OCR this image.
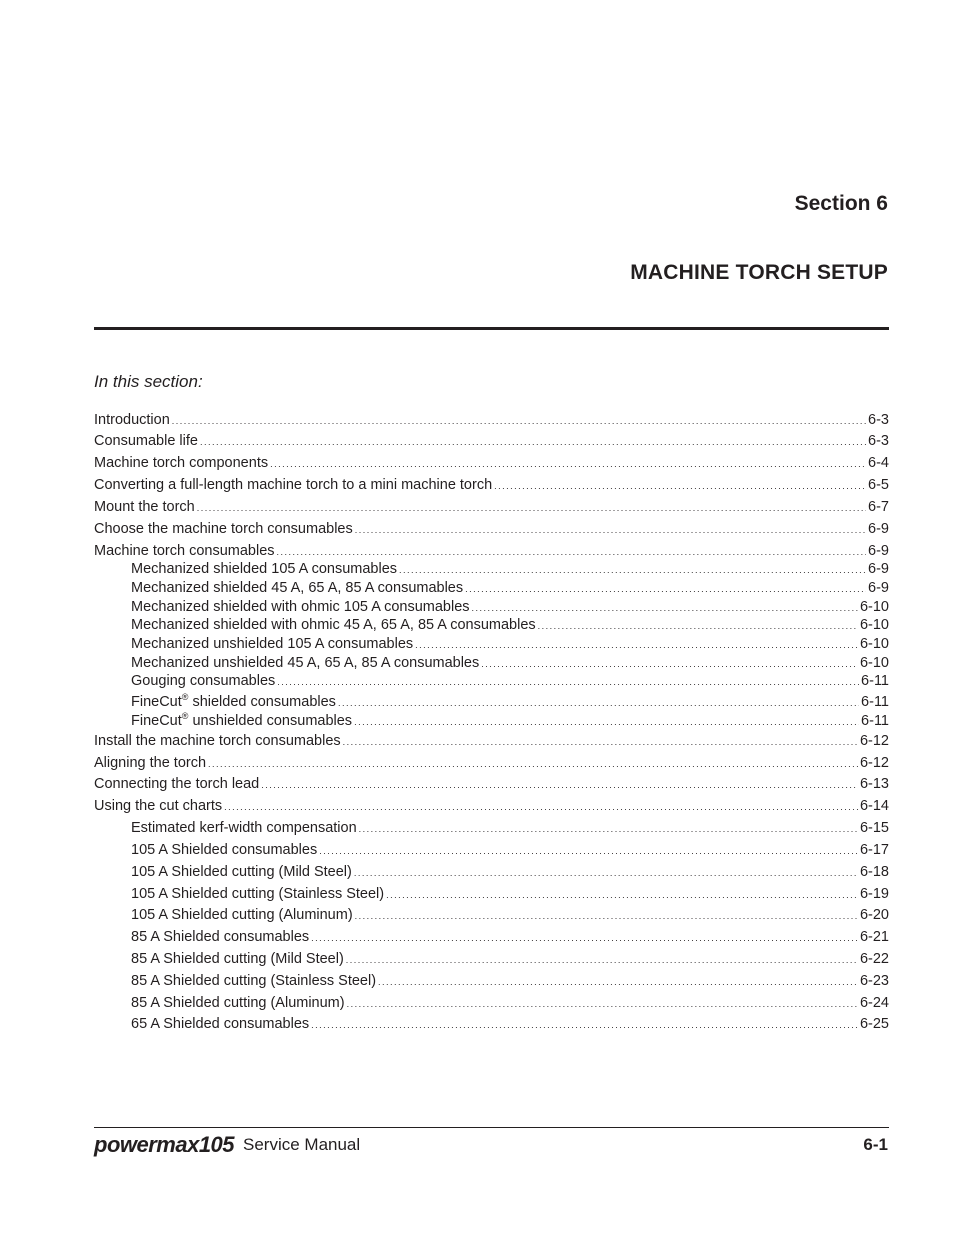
Section 6
MACHINE TORCH SETUP
In this section:
Introduction .....	6-3
Consumable life .....	6-3
Machine torch components .....	6-4
Converting a full-length machine torch to a mini machine torch .....	6-5
Mount the torch .....	6-7
Choose the machine torch consumables .....	6-9
Machine torch consumables .....	6-9
Mechanized shielded 105 A consumables .....	6-9
Mechanized shielded 45 A, 65 A, 85 A consumables .....	6-9
Mechanized shielded with ohmic 105 A consumables .....	6-10
Mechanized shielded with ohmic 45 A, 65 A, 85 A consumables .....	6-10
Mechanized unshielded 105 A consumables .....	6-10
Mechanized unshielded 45 A, 65 A, 85 A consumables .....	6-10
Gouging consumables .....	6-11
FineCut® shielded consumables .....	6-11
FineCut® unshielded consumables .....	6-11
Install the machine torch consumables .....	6-12
Aligning the torch .....	6-12
Connecting the torch lead .....	6-13
Using the cut charts .....	6-14
Estimated kerf-width compensation .....	6-15
105 A Shielded consumables .....	6-17
105 A Shielded cutting (Mild Steel) .....	6-18
105 A Shielded cutting (Stainless Steel) .....	6-19
105 A Shielded cutting (Aluminum) .....	6-20
85 A Shielded consumables .....	6-21
85 A Shielded cutting (Mild Steel) .....	6-22
85 A Shielded cutting (Stainless Steel) .....	6-23
85 A Shielded cutting (Aluminum) .....	6-24
65 A Shielded consumables .....	6-25
powermax105 Service Manual	6-1
